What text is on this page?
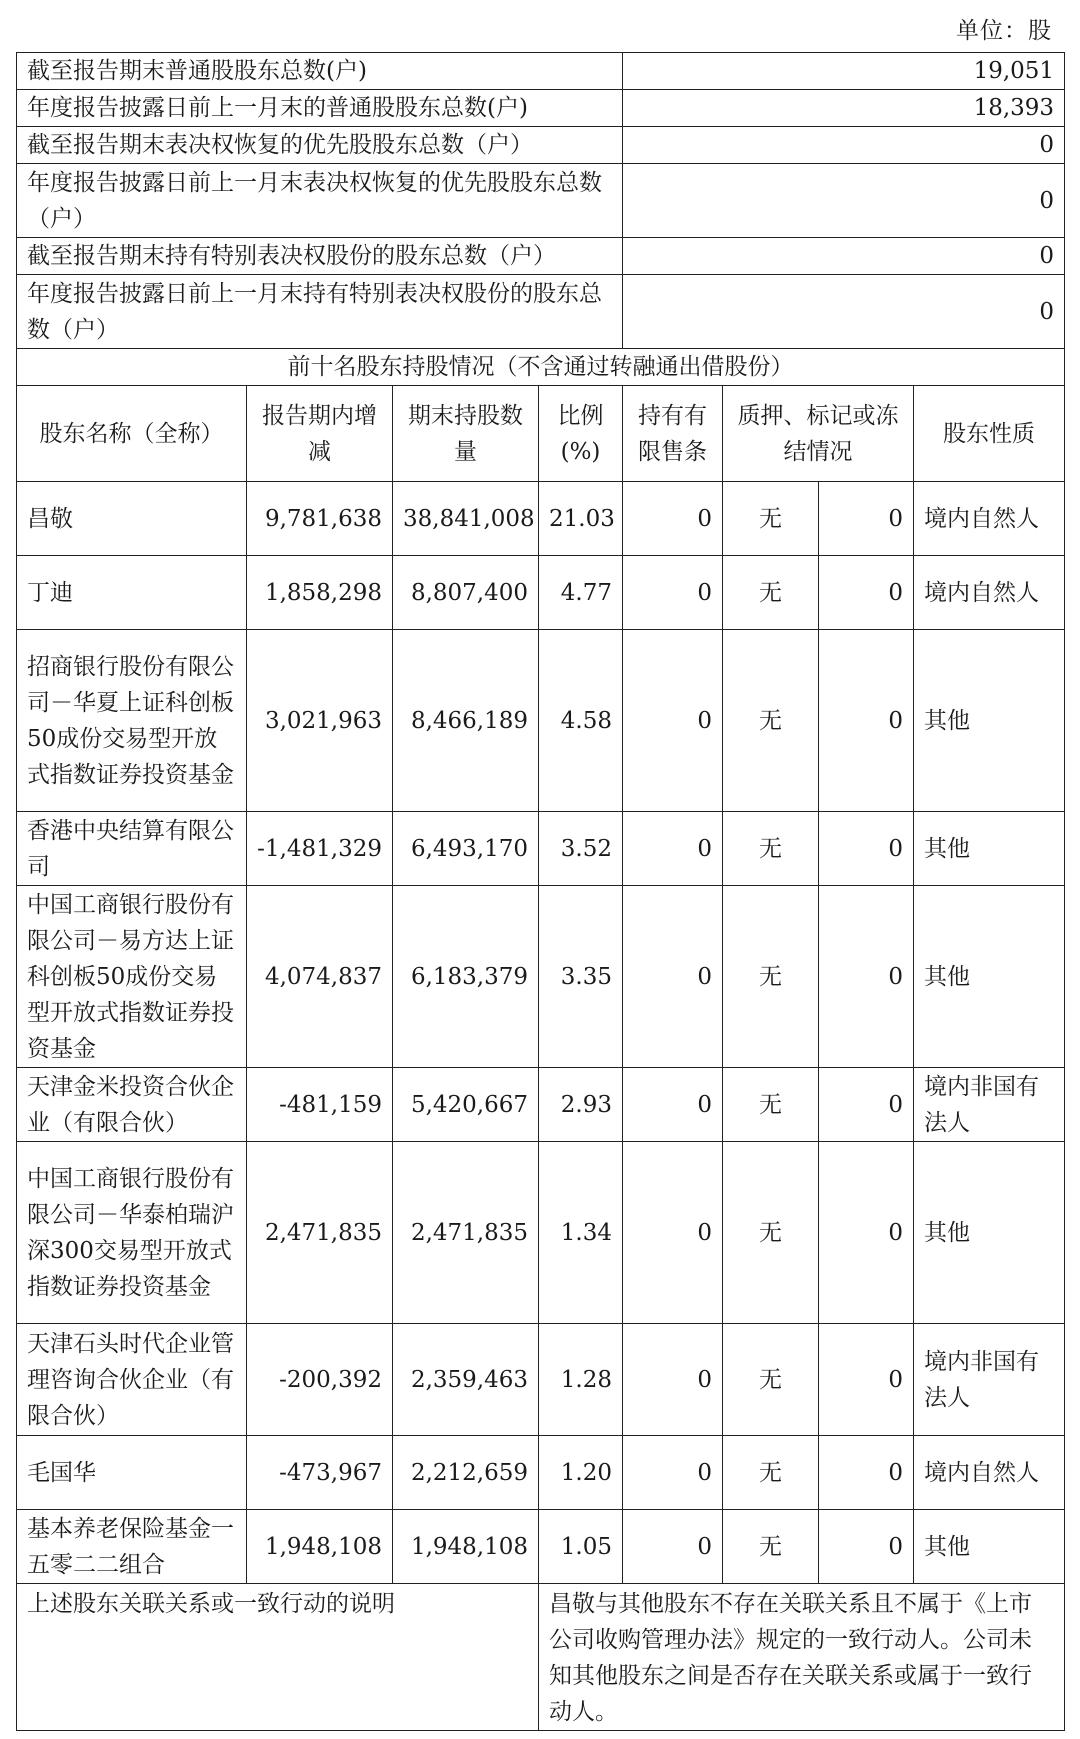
单位：股
截至报告期末普通股股东总数(户)				19,051			
年度报告披露日前上一月末的普通股股东总数(户)				18,393			
截至报告期末表决权恢复的优先股股东总数（户）				0			
年度报告披露日前上一月末表决权恢复的优先股股东总数（户）				0			
截至报告期末持有特别表决权股份的股东总数（户）				0			
年度报告披露日前上一月末持有特别表决权股份的股东总数（户）				0			
前十名股东持股情况（不含通过转融通出借股份）							
股东名称（全称）	报告期内增减	期末持股数量	比例(%)	持有有限售条	质押、标记或冻结情况		股东性质
昌敬	9,781,638	38,841,008	21.03	0	无	0	境内自然人
丁迪	1,858,298	8,807,400	4.77	0	无	0	境内自然人
招商银行股份有限公司－华夏上证科创板50成份交易型开放式指数证券投资基金	3,021,963	8,466,189	4.58	0	无	0	其他
香港中央结算有限公司	-1,481,329	6,493,170	3.52	0	无	0	其他
中国工商银行股份有限公司－易方达上证科创板50成份交易型开放式指数证券投资基金	4,074,837	6,183,379	3.35	0	无	0	其他
天津金米投资合伙企业（有限合伙）	-481,159	5,420,667	2.93	0	无	0	境内非国有法人
中国工商银行股份有限公司－华泰柏瑞沪深300交易型开放式指数证券投资基金	2,471,835	2,471,835	1.34	0	无	0	其他
天津石头时代企业管理咨询合伙企业（有限合伙）	-200,392	2,359,463	1.28	0	无	0	境内非国有法人
毛国华	-473,967	2,212,659	1.20	0	无	0	境内自然人
基本养老保险基金一五零二二组合	1,948,108	1,948,108	1.05	0	无	0	其他
上述股东关联关系或一致行动的说明			昌敬与其他股东不存在关联关系且不属于《上市公司收购管理办法》规定的一致行动人。公司未知其他股东之间是否存在关联关系或属于一致行动人。				
